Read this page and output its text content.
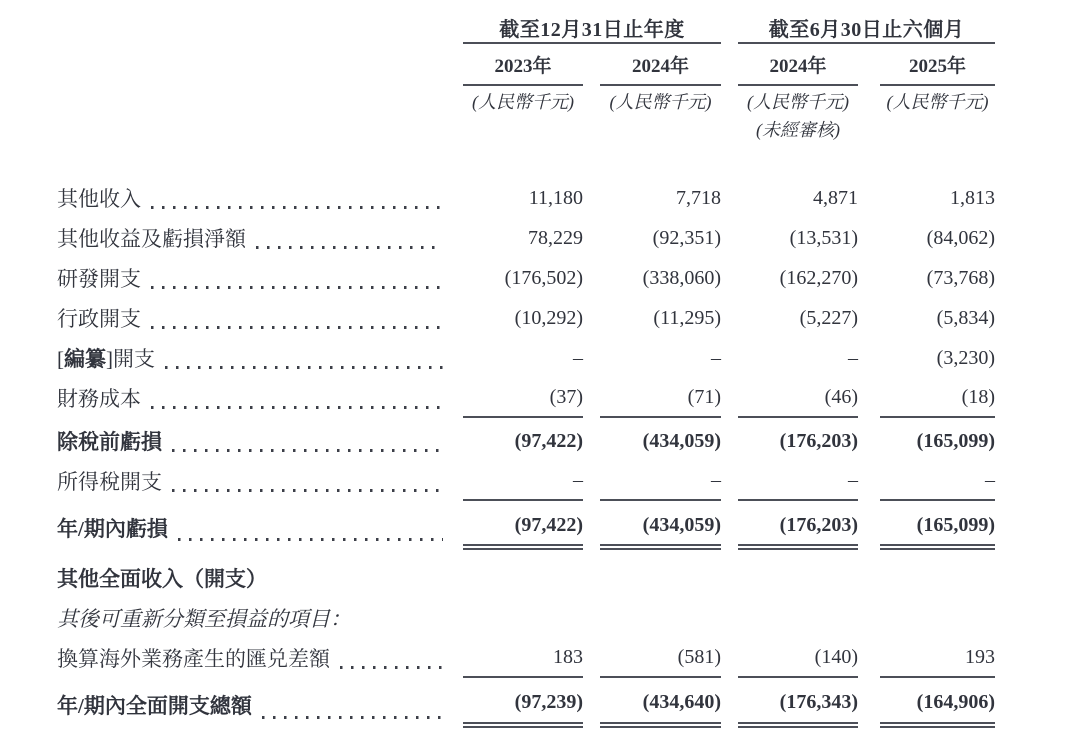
截至12月31日止年度	截至6月30日止六個月
2023年	2024年	2024年	2025年
(人民幣千元)	(人民幣千元)	(人民幣千元)	(人民幣千元)
(未經審核)
其他收入	11,180	7,718	4,871	1,813
其他收益及虧損淨額	78,229	(92,351)	(13,531)	(84,062)
研發開支	(176,502)	(338,060)	(162,270)	(73,768)
行政開支	(10,292)	(11,295)	(5,227)	(5,834)
[編纂]開支	–	–	–	(3,230)
財務成本	(37)	(71)	(46)	(18)
除稅前虧損	(97,422)	(434,059)	(176,203)	(165,099)
所得稅開支	–	–	–	–
年/期內虧損	(97,422)	(434,059)	(176,203)	(165,099)
其他全面收入（開支）
其後可重新分類至損益的項目：
換算海外業務產生的匯兑差額	183	(581)	(140)	193
年/期內全面開支總額	(97,239)	(434,640)	(176,343)	(164,906)
